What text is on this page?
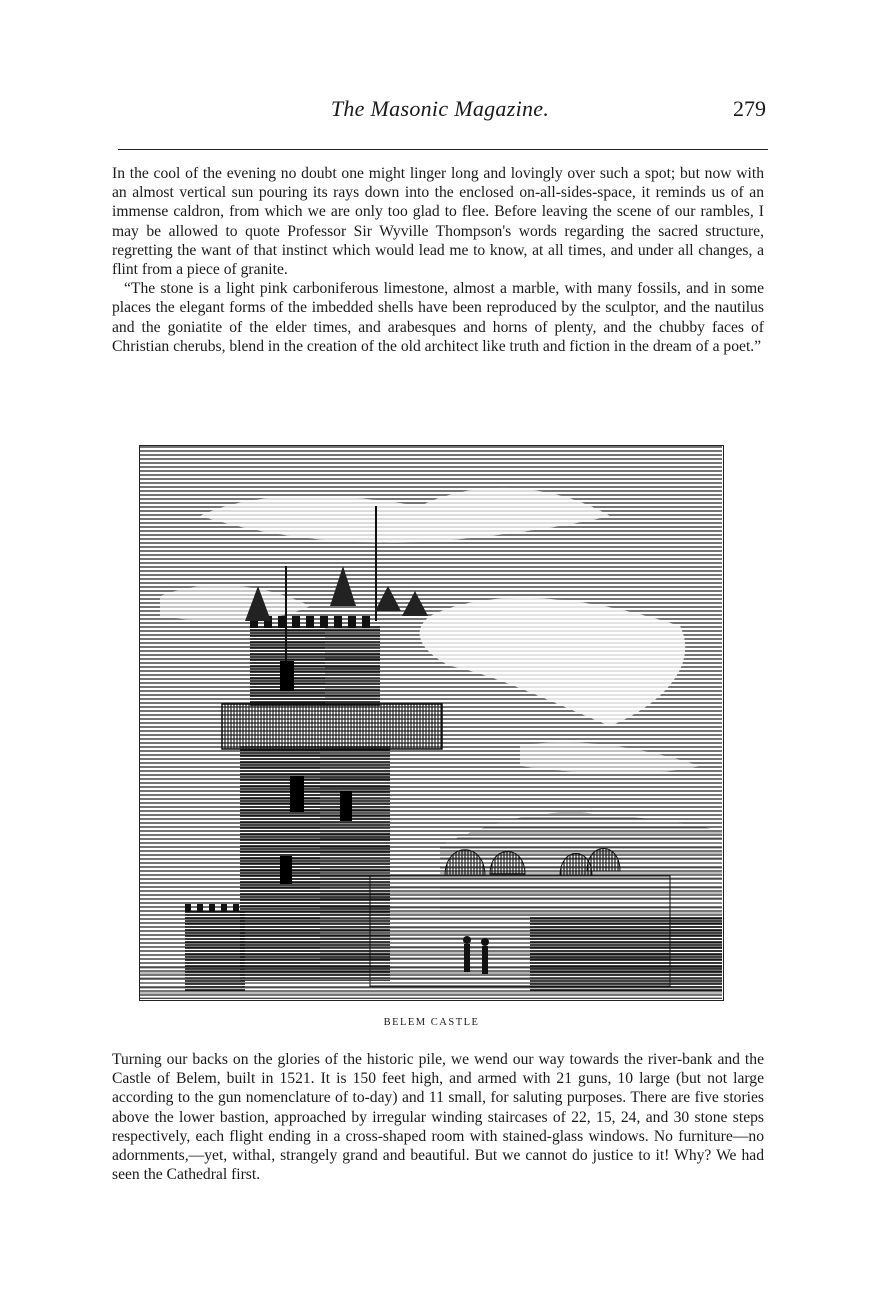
The Masonic Magazine.	279

In the cool of the evening no doubt one might linger long and lovingly over such a spot; but now with an almost vertical sun pouring its rays down into the enclosed on-all-sides-space, it reminds us of an immense caldron, from which we are only too glad to flee. Before leaving the scene of our rambles, I may be allowed to quote Professor Sir Wyville Thompson's words regarding the sacred structure, regretting the want of that instinct which would lead me to know, at all times, and under all changes, a flint from a piece of granite.

“The stone is a light pink carboniferous limestone, almost a marble, with many fossils, and in some places the elegant forms of the imbedded shells have been reproduced by the sculptor, and the nautilus and the goniatite of the elder times, and arabesques and horns of plenty, and the chubby faces of Christian cherubs, blend in the creation of the old architect like truth and fiction in the dream of a poet.”

BELEM CASTLE

Turning our backs on the glories of the historic pile, we wend our way towards the river-bank and the Castle of Belem, built in 1521. It is 150 feet high, and armed with 21 guns, 10 large (but not large according to the gun nomenclature of to-day) and 11 small, for saluting purposes. There are five stories above the lower bastion, approached by irregular winding staircases of 22, 15, 24, and 30 stone steps respectively, each flight ending in a cross-shaped room with stained-glass windows. No furniture—no adornments,—yet, withal, strangely grand and beautiful. But we cannot do justice to it! Why? We had seen the Cathedral first.
